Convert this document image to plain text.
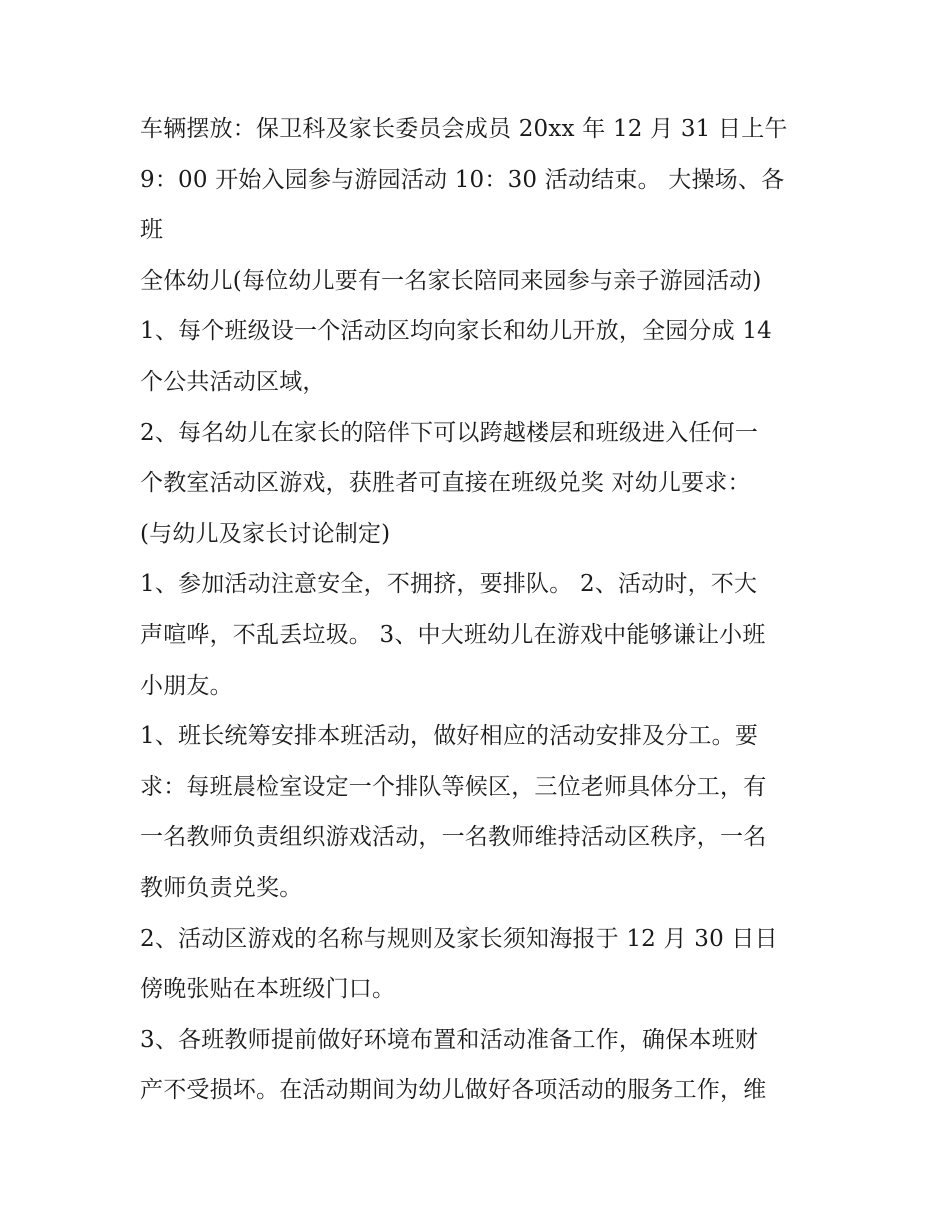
车辆摆放：保卫科及家长委员会成员 20xx 年 12 月 31 日上午
9：00 开始入园参与游园活动 10：30 活动结束。 大操场、各
班
全体幼儿(每位幼儿要有一名家长陪同来园参与亲子游园活动)
1、每个班级设一个活动区均向家长和幼儿开放，全园分成 14
个公共活动区域，
2、每名幼儿在家长的陪伴下可以跨越楼层和班级进入任何一
个教室活动区游戏，获胜者可直接在班级兑奖 对幼儿要求：
(与幼儿及家长讨论制定)
1、参加活动注意安全，不拥挤，要排队。 2、活动时，不大
声喧哗，不乱丢垃圾。 3、中大班幼儿在游戏中能够谦让小班
小朋友。
1、班长统筹安排本班活动，做好相应的活动安排及分工。要
求：每班晨检室设定一个排队等候区，三位老师具体分工，有
一名教师负责组织游戏活动，一名教师维持活动区秩序，一名
教师负责兑奖。
2、活动区游戏的名称与规则及家长须知海报于 12 月 30 日日
傍晚张贴在本班级门口。
3、各班教师提前做好环境布置和活动准备工作，确保本班财
产不受损坏。在活动期间为幼儿做好各项活动的服务工作，维
